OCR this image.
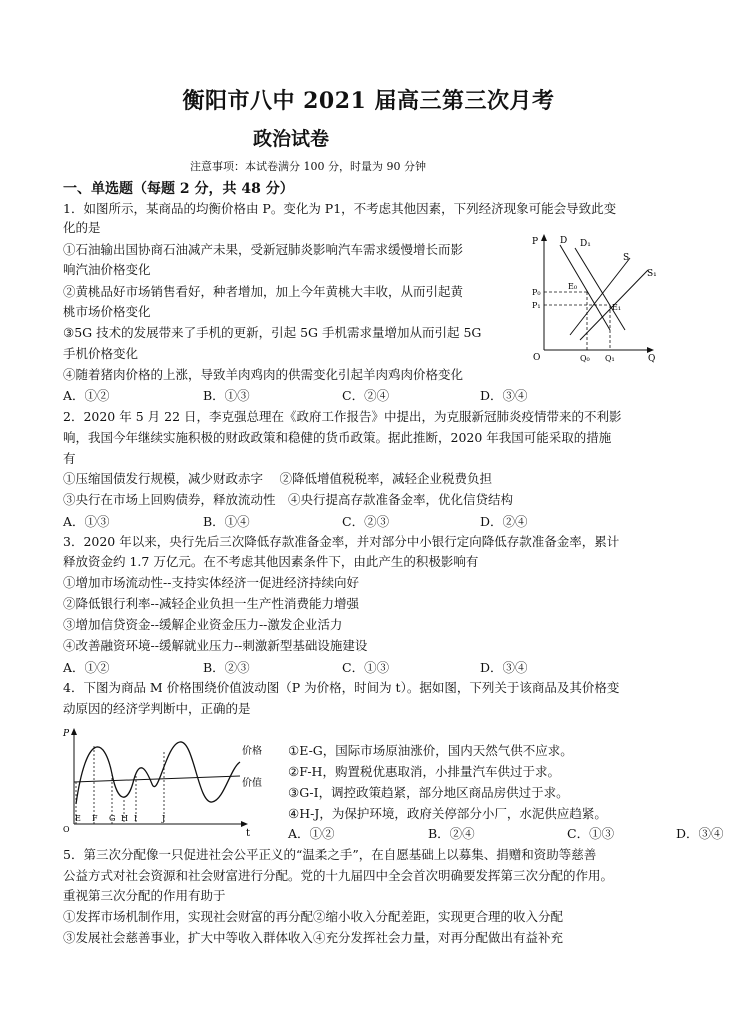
衡阳市八中 2021 届高三第三次月考
政治试卷
注意事项：本试卷满分 100 分，时量为 90 分钟
一、单选题（每题 2 分，共 48 分）
1．如图所示，某商品的均衡价格由 P。变化为 P1，不考虑其他因素，下列经济现象可能会导致此变
化的是
①石油输出国协商石油减产未果，受新冠肺炎影响汽车需求缓慢增长而影
响汽油价格变化
②黄桃品好市场销售看好，种者增加，加上今年黄桃大丰收，从而引起黄
桃市场价格变化
③5G 技术的发展带来了手机的更新，引起 5G 手机需求量增加从而引起 5G
手机价格变化
④随着猪肉价格的上涨，导致羊肉鸡肉的供需变化引起羊肉鸡肉价格变化
A．①②	B．①③	C．②④	D．③④
P D D₁
S
S₁
P₀
P₁
E₀
E₁
O	Q₀ Q₁	Q
2．2020 年 5 月 22 日，李克强总理在《政府工作报告》中提出，为克服新冠肺炎疫情带来的不利影
响，我国今年继续实施积极的财政政策和稳健的货币政策。据此推断，2020 年我国可能采取的措施
有
①压缩国债发行规模，减少财政赤字　 ②降低增值税税率，减轻企业税费负担
③央行在市场上回购债券，释放流动性　④央行提高存款准备金率，优化信贷结构
A．①③	B．①④	C．②③	D．②④
3．2020 年以来，央行先后三次降低存款准备金率，并对部分中小银行定向降低存款准备金率，累计
释放资金约 1.7 万亿元。在不考虑其他因素条件下，由此产生的积极影响有
①增加市场流动性--支持实体经济一促进经济持续向好
②降低银行利率--减轻企业负担一生产性消费能力增强
③增加信贷资金--缓解企业资金压力--激发企业活力
④改善融资环境--缓解就业压力--刺激新型基础设施建设
A．①②	B．②③	C．①③	D．③④
4．下图为商品 M 价格围绕价值波动图（P 为价格，时间为 t）。据如图，下列关于该商品及其价格变
动原因的经济学判断中，正确的是
P
价格
价值
O
E F G H I	J
t
①E-G，国际市场原油涨价，国内天然气供不应求。
②F-H，购置税优惠取消，小排量汽车供过于求。
③G-I，调控政策趋紧，部分地区商品房供过于求。
④H-J，为保护环境，政府关停部分小厂，水泥供应趋紧。
A．①②	B．②④	C．①③	D．③④
5．第三次分配像一只促进社会公平正义的“温柔之手”，在自愿基础上以募集、捐赠和资助等慈善
公益方式对社会资源和社会财富进行分配。党的十九届四中全会首次明确要发挥第三次分配的作用。
重视第三次分配的作用有助于
①发挥市场机制作用，实现社会财富的再分配②缩小收入分配差距，实现更合理的收入分配
③发展社会慈善事业，扩大中等收入群体收入④充分发挥社会力量，对再分配做出有益补充
